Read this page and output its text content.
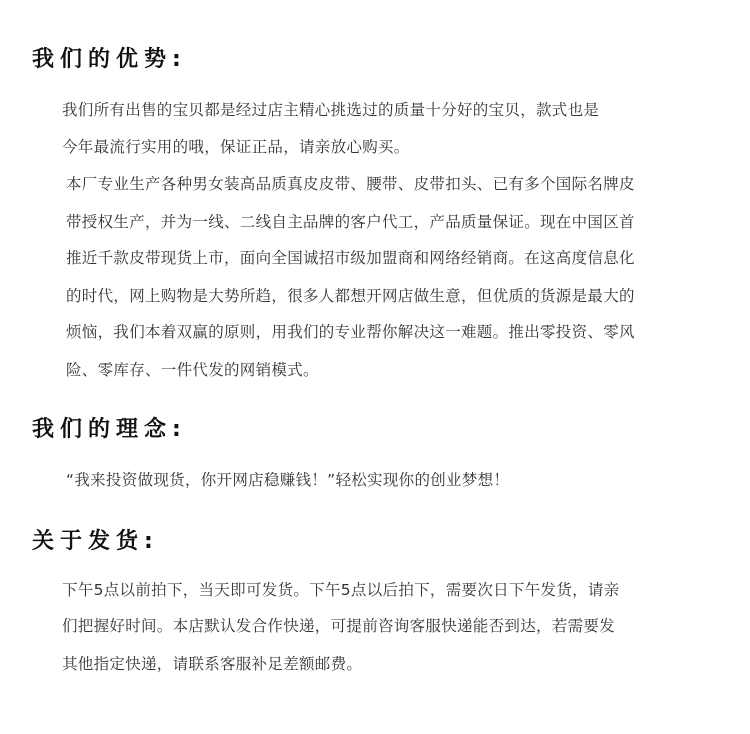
我们的优势:
我们所有出售的宝贝都是经过店主精心挑选过的质量十分好的宝贝，款式也是
今年最流行实用的哦，保证正品，请亲放心购买。
本厂专业生产各种男女装高品质真皮皮带、腰带、皮带扣头、已有多个国际名牌皮
带授权生产，并为一线、二线自主品牌的客户代工，产品质量保证。现在中国区首
推近千款皮带现货上市，面向全国诚招市级加盟商和网络经销商。在这高度信息化
的时代，网上购物是大势所趋，很多人都想开网店做生意，但优质的货源是最大的
烦恼，我们本着双赢的原则，用我们的专业帮你解决这一难题。推出零投资、零风
险、零库存、一件代发的网销模式。
我们的理念:
“我来投资做现货，你开网店稳赚钱！”轻松实现你的创业梦想！
关于发货:
下午5点以前拍下，当天即可发货。下午5点以后拍下，需要次日下午发货，请亲
们把握好时间。本店默认发合作快递，可提前咨询客服快递能否到达，若需要发
其他指定快递，请联系客服补足差额邮费。
